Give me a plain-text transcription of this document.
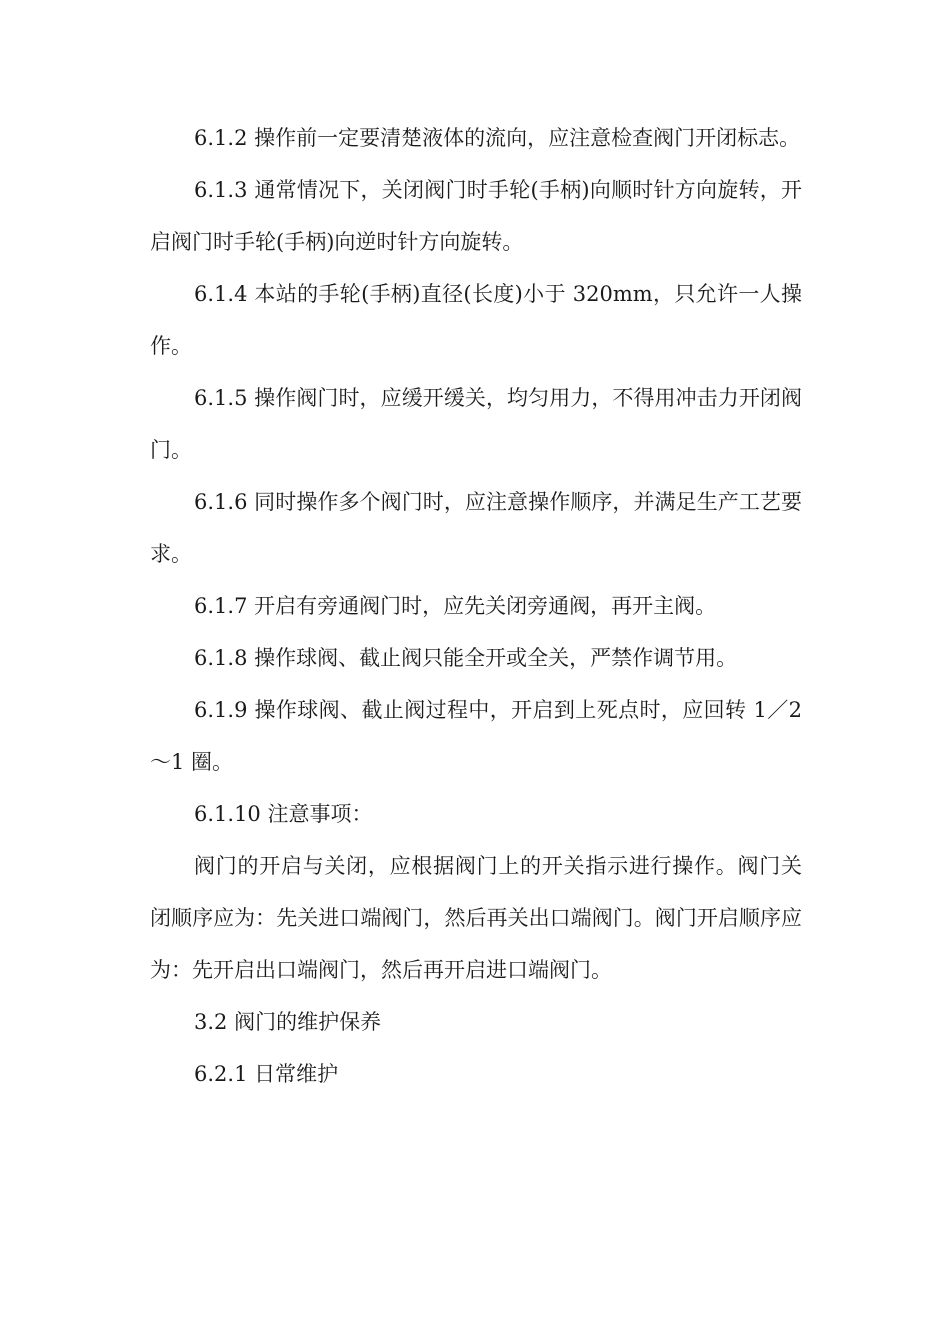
6.1.2 操作前一定要清楚液体的流向，应注意检查阀门开闭标志。

6.1.3 通常情况下，关闭阀门时手轮(手柄)向顺时针方向旋转，开启阀门时手轮(手柄)向逆时针方向旋转。

6.1.4 本站的手轮(手柄)直径(长度)小于 320mm，只允许一人操作。

6.1.5 操作阀门时，应缓开缓关，均匀用力，不得用冲击力开闭阀门。

6.1.6 同时操作多个阀门时，应注意操作顺序，并满足生产工艺要求。

6.1.7 开启有旁通阀门时，应先关闭旁通阀，再开主阀。

6.1.8 操作球阀、截止阀只能全开或全关，严禁作调节用。

6.1.9 操作球阀、截止阀过程中，开启到上死点时，应回转 1／2～1 圈。

6.1.10 注意事项：

阀门的开启与关闭，应根据阀门上的开关指示进行操作。阀门关闭顺序应为：先关进口端阀门，然后再关出口端阀门。阀门开启顺序应为：先开启出口端阀门，然后再开启进口端阀门。

3.2 阀门的维护保养

6.2.1 日常维护
